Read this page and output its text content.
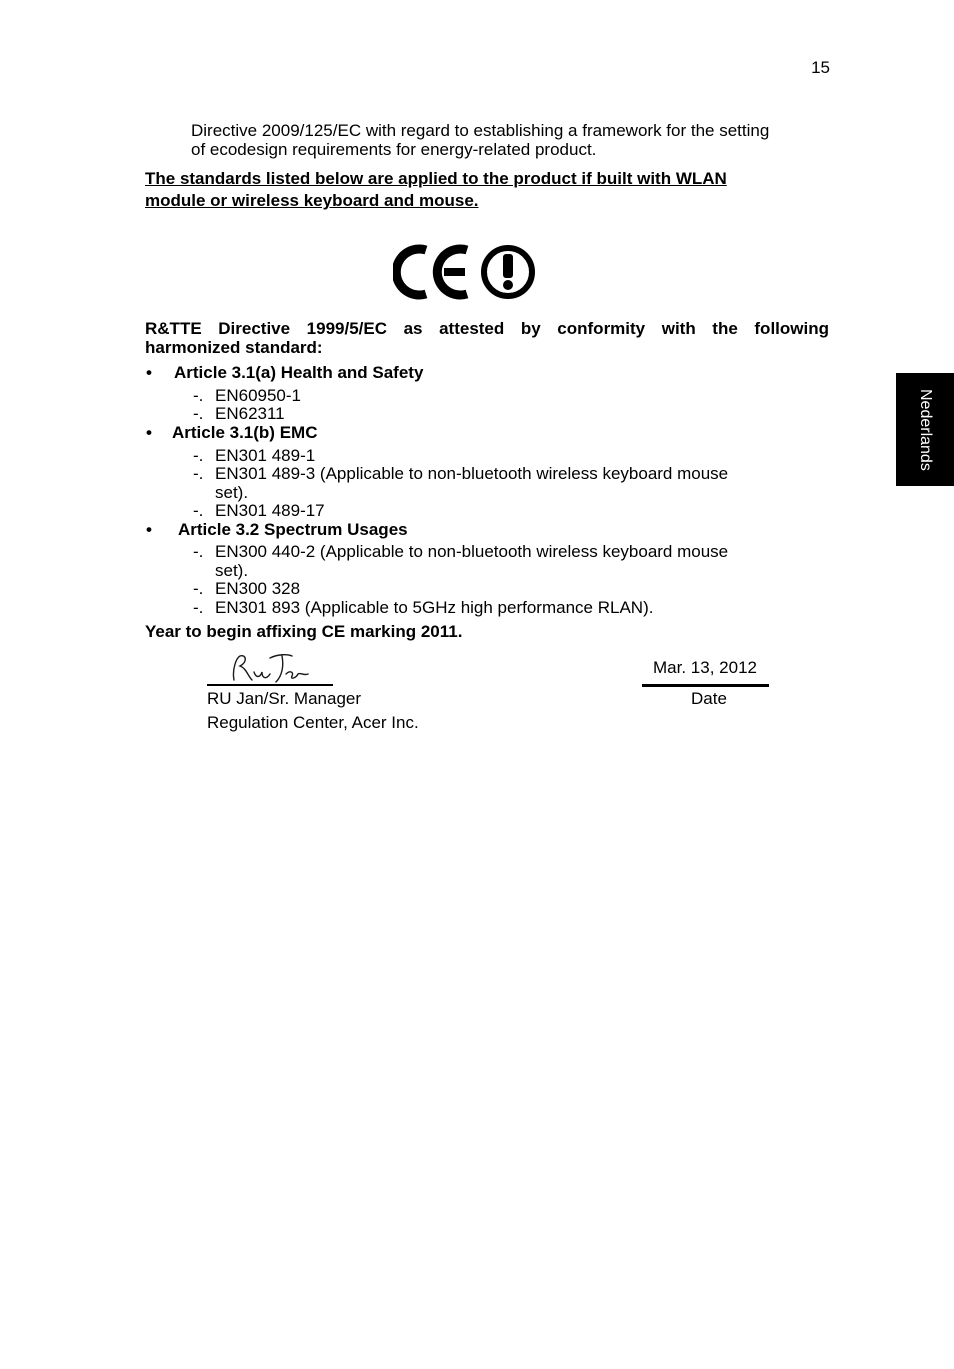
15
Directive 2009/125/EC with regard to establishing a framework for the setting
of ecodesign requirements for energy-related product.
The standards listed below are applied to the product if built with WLAN
module or wireless keyboard and mouse.
R&TTE Directive 1999/5/EC as attested by conformity with the following
harmonized standard:
• Article 3.1(a) Health and Safety
-. EN60950-1
-. EN62311
• Article 3.1(b) EMC
-. EN301 489-1
-. EN301 489-3 (Applicable to non-bluetooth wireless keyboard mouse
set).
-. EN301 489-17
• Article 3.2 Spectrum Usages
-. EN300 440-2 (Applicable to non-bluetooth wireless keyboard mouse
set).
-. EN300 328
-. EN301 893 (Applicable to 5GHz high performance RLAN).
Year to begin affixing CE marking 2011.
RU Jan/Sr. Manager
Regulation Center, Acer Inc.
Mar. 13, 2012
Date
Nederlands
